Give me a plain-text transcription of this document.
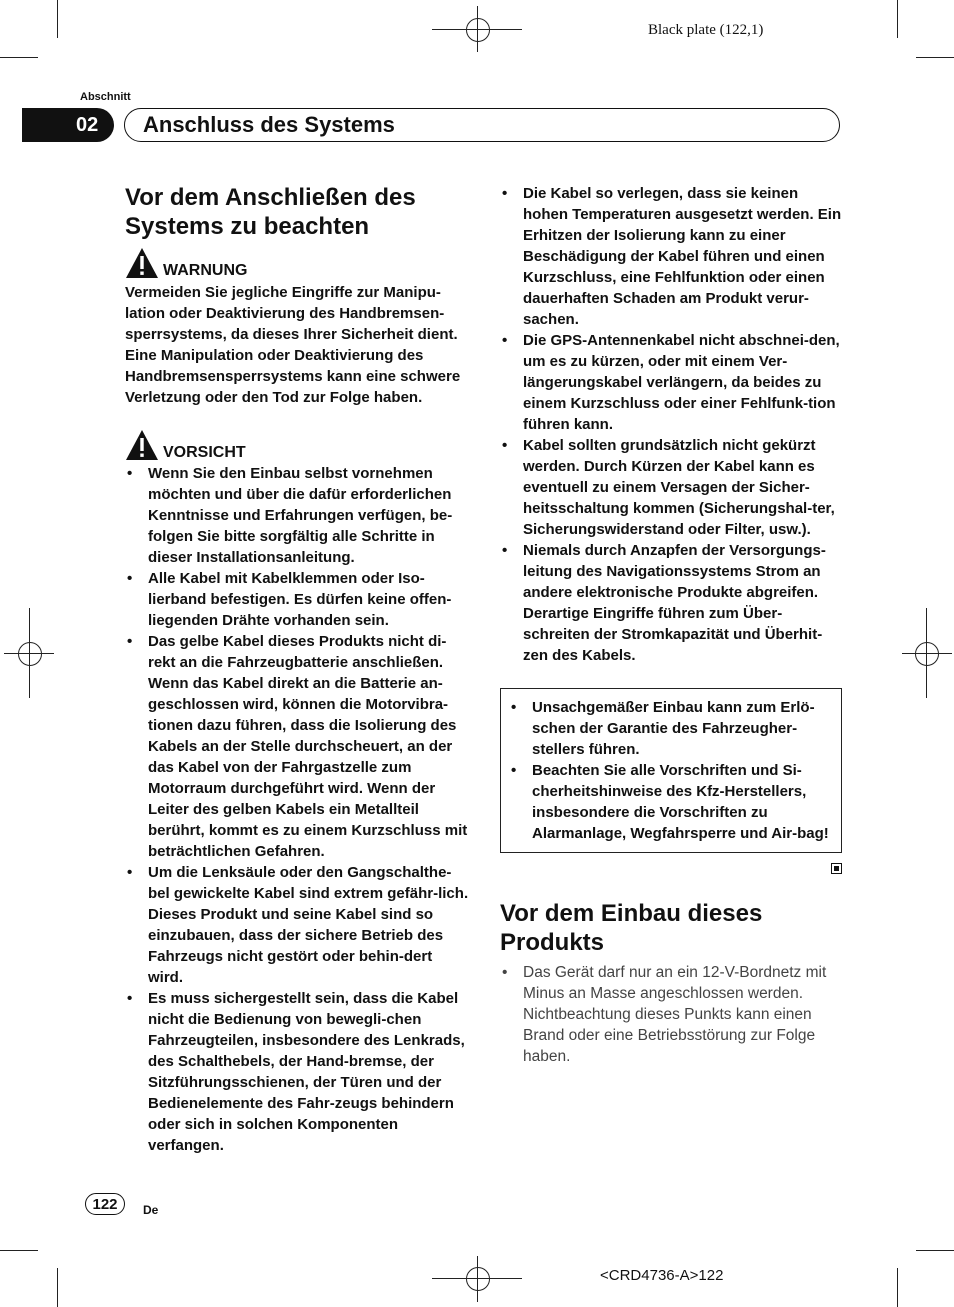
Black plate (122,1)
Abschnitt
02 Anschluss des Systems
Vor dem Anschließen des Systems zu beachten
WARNUNG
Vermeiden Sie jegliche Eingriffe zur Manipu-lation oder Deaktivierung des Handbremsen-sperrsystems, da dieses Ihrer Sicherheit dient. Eine Manipulation oder Deaktivierung des Handbremsensperrsystems kann eine schwere Verletzung oder den Tod zur Folge haben.
VORSICHT
• Wenn Sie den Einbau selbst vornehmen möchten und über die dafür erforderlichen Kenntnisse und Erfahrungen verfügen, be-folgen Sie bitte sorgfältig alle Schritte in dieser Installationsanleitung.
• Alle Kabel mit Kabelklemmen oder Iso-lierband befestigen. Es dürfen keine offen-liegenden Drähte vorhanden sein.
• Das gelbe Kabel dieses Produkts nicht di-rekt an die Fahrzeugbatterie anschließen. Wenn das Kabel direkt an die Batterie an-geschlossen wird, können die Motorvibra-tionen dazu führen, dass die Isolierung des Kabels an der Stelle durchscheuert, an der das Kabel von der Fahrgastzelle zum Motorraum durchgeführt wird. Wenn der Leiter des gelben Kabels ein Metallteil berührt, kommt es zu einem Kurzschluss mit beträchtlichen Gefahren.
• Um die Lenksäule oder den Gangschalthe-bel gewickelte Kabel sind extrem gefähr-lich. Dieses Produkt und seine Kabel sind so einzubauen, dass der sichere Betrieb des Fahrzeugs nicht gestört oder behin-dert wird.
• Es muss sichergestellt sein, dass die Kabel nicht die Bedienung von bewegli-chen Fahrzeugteilen, insbesondere des Lenkrads, des Schalthebels, der Hand-bremse, der Sitzführungsschienen, der Türen und der Bedienelemente des Fahr-zeugs behindern oder sich in solchen Komponenten verfangen.
• Die Kabel so verlegen, dass sie keinen hohen Temperaturen ausgesetzt werden. Ein Erhitzen der Isolierung kann zu einer Beschädigung der Kabel führen und einen Kurzschluss, eine Fehlfunktion oder einen dauerhaften Schaden am Produkt verur-sachen.
• Die GPS-Antennenkabel nicht abschnei-den, um es zu kürzen, oder mit einem Ver-längerungskabel verlängern, da beides zu einem Kurzschluss oder einer Fehlfunk-tion führen kann.
• Kabel sollten grundsätzlich nicht gekürzt werden. Durch Kürzen der Kabel kann es eventuell zu einem Versagen der Sicher-heitsschaltung kommen (Sicherungshal-ter, Sicherungswiderstand oder Filter, usw.).
• Niemals durch Anzapfen der Versorgungs-leitung des Navigationssystems Strom an andere elektronische Produkte abgreifen. Derartige Eingriffe führen zum Über-schreiten der Stromkapazität und Überhit-zen des Kabels.
• Unsachgemäßer Einbau kann zum Erlö-schen der Garantie des Fahrzeugher-stellers führen.
• Beachten Sie alle Vorschriften und Si-cherheitshinweise des Kfz-Herstellers, insbesondere die Vorschriften zu Alarmanlage, Wegfahrsperre und Air-bag!
Vor dem Einbau dieses Produkts
• Das Gerät darf nur an ein 12-V-Bordnetz mit Minus an Masse angeschlossen werden. Nichtbeachtung dieses Punkts kann einen Brand oder eine Betriebsstörung zur Folge haben.
122 De
<CRD4736-A>122
